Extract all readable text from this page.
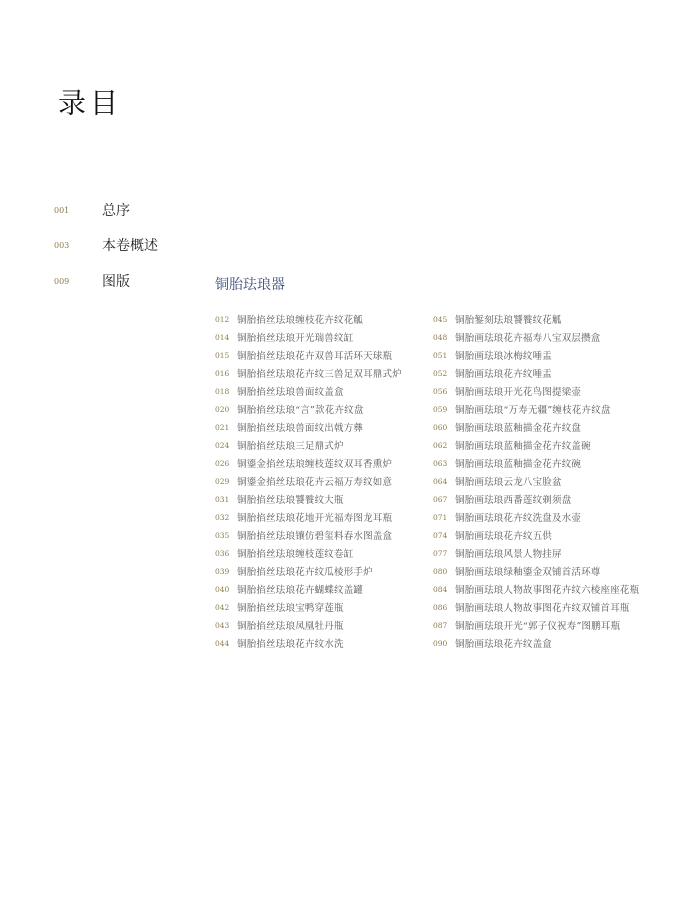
目
录
001	总序
003	本卷概述
009	图版	铜胎珐琅器
012 铜胎掐丝珐琅缠枝花卉纹花觚
014 铜胎掐丝珐琅开光瑞兽纹缸
015 铜胎掐丝珐琅花卉双兽耳活环天球瓶
016 铜胎掐丝珐琅花卉纹三兽足双耳鼎式炉
018 铜胎掐丝珐琅兽面纹盖盒
020 铜胎掐丝珐琅“言”款花卉纹盘
021 铜胎掐丝珐琅兽面纹出戟方彝
024 铜胎掐丝珐琅三足鼎式炉
026 铜鎏金掐丝珐琅缠枝莲纹双耳香熏炉
029 铜鎏金掐丝珐琅花卉云福万寿纹如意
031 铜胎掐丝珐琅饕餮纹大瓶
032 铜胎掐丝珐琅花地开光福寿图龙耳瓶
035 铜胎掐丝珐琅镶仿碧玺料春水图盖盒
036 铜胎掐丝珐琅缠枝莲纹卷缸
039 铜胎掐丝珐琅花卉纹瓜棱形手炉
040 铜胎掐丝珐琅花卉蝴蝶纹盖罐
042 铜胎掐丝珐琅宝鸭穿莲瓶
043 铜胎掐丝珐琅凤凰牡丹瓶
044 铜胎掐丝珐琅花卉纹水洗
045 铜胎錾刻珐琅饕餮纹花觚
048 铜胎画珐琅花卉福寿八宝双层攒盒
051 铜胎画珐琅冰梅纹唾盂
052 铜胎画珐琅花卉纹唾盂
056 铜胎画珐琅开光花鸟图提梁壶
059 铜胎画珐琅“万寿无疆”缠枝花卉纹盘
060 铜胎画珐琅蓝釉描金花卉纹盘
062 铜胎画珐琅蓝釉描金花卉纹盖碗
063 铜胎画珐琅蓝釉描金花卉纹碗
064 铜胎画珐琅云龙八宝脸盆
067 铜胎画珐琅西番莲纹剃须盘
071 铜胎画珐琅花卉纹洗盘及水壶
074 铜胎画珐琅花卉纹五供
077 铜胎画珐琅风景人物挂屏
080 铜胎画珐琅绿釉鎏金双铺首活环尊
084 铜胎画珐琅人物故事图花卉纹六棱座座花瓶
086 铜胎画珐琅人物故事图花卉纹双铺首耳瓶
087 铜胎画珐琅开光“郭子仪祝寿”图鹏耳瓶
090 铜胎画珐琅花卉纹盖盒
